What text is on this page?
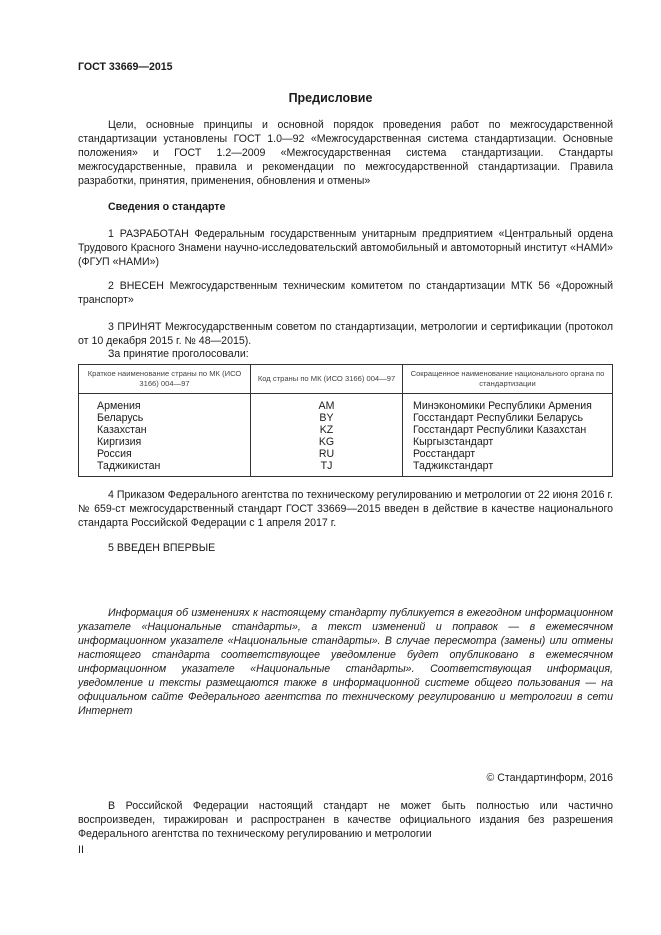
ГОСТ 33669—2015
Предисловие
Цели, основные принципы и основной порядок проведения работ по межгосударственной стандартизации установлены ГОСТ 1.0—92 «Межгосударственная система стандартизации. Основные положения» и ГОСТ 1.2—2009 «Межгосударственная система стандартизации. Стандарты межгосударственные, правила и рекомендации по межгосударственной стандартизации. Правила разработки, принятия, применения, обновления и отмены»
Сведения о стандарте
1 РАЗРАБОТАН Федеральным государственным унитарным предприятием «Центральный ордена Трудового Красного Знамени научно-исследовательский автомобильный и автомоторный институт «НАМИ» (ФГУП «НАМИ»)
2 ВНЕСЕН Межгосударственным техническим комитетом по стандартизации МТК 56 «Дорожный транспорт»
3 ПРИНЯТ Межгосударственным советом по стандартизации, метрологии и сертификации (протокол от 10 декабря 2015 г. № 48—2015).
За принятие проголосовали:
Краткое наименование страны по МК (ИСО 3166) 004—97	Код страны по МК (ИСО 3166) 004—97	Сокращенное наименование национального органа по стандартизации
Армения	AM	Минэкономики Республики Армения
Беларусь	BY	Госстандарт Республики Беларусь
Казахстан	KZ	Госстандарт Республики Казахстан
Киргизия	KG	Кыргызстандарт
Россия	RU	Росстандарт
Таджикистан	TJ	Таджикстандарт
4 Приказом Федерального агентства по техническому регулированию и метрологии от 22 июня 2016 г. № 659-ст межгосударственный стандарт ГОСТ 33669—2015 введен в действие в качестве национального стандарта Российской Федерации с 1 апреля 2017 г.
5 ВВЕДЕН ВПЕРВЫЕ
Информация об изменениях к настоящему стандарту публикуется в ежегодном информационном указателе «Национальные стандарты», а текст изменений и поправок — в ежемесячном информационном указателе «Национальные стандарты». В случае пересмотра (замены) или отмены настоящего стандарта соответствующее уведомление будет опубликовано в ежемесячном информационном указателе «Национальные стандарты». Соответствующая информация, уведомление и тексты размещаются также в информационной системе общего пользования — на официальном сайте Федерального агентства по техническому регулированию и метрологии в сети Интернет
© Стандартинформ, 2016
В Российской Федерации настоящий стандарт не может быть полностью или частично воспроизведен, тиражирован и распространен в качестве официального издания без разрешения Федерального агентства по техническому регулированию и метрологии
II
